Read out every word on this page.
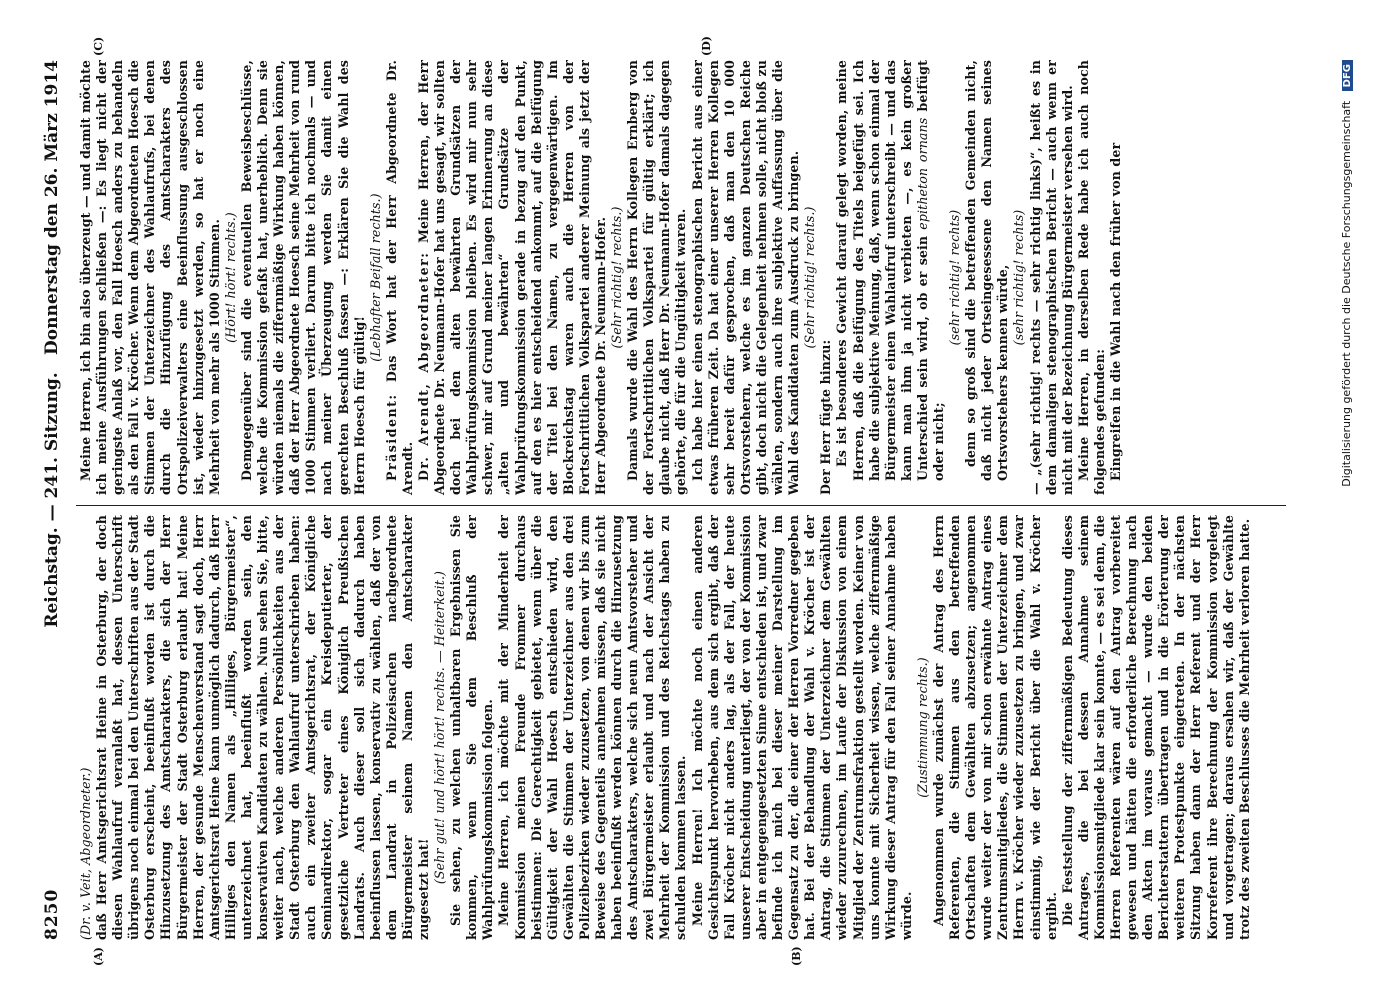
8250
Reichstag. — 241. Sitzung.
Donnerstag den 26. März 1914
(A)	(B)
(C)	(D)

(Dr. v. Veit, Abgeordneter.) daß Herr Amtsgerichtsrat Heine in Osterburg, der doch diesen Wahlaufruf veranlaßt hat, dessen Unterschrift übrigens noch einmal bei den Unterschriften aus der Stadt Osterburg erscheint, beeinflußt worden ist durch die Hinzusetzung des Amtscharakters, die sich der Herr Bürgermeister der Stadt Osterburg erlaubt hat! Meine Herren, der gesunde Menschenverstand sagt doch, Herr Amtsgerichtsrat Heine kann unmöglich dadurch, daß Herr Hilliges den Namen als „Hilliges, Bürgermeister“, unterzeichnet hat, beeinflußt worden sein, den konservativen Kandidaten zu wählen. Nun sehen Sie, bitte, weiter nach, welche anderen Persönlichkeiten aus der Stadt Osterburg den Wahlaufruf unterschrieben haben: auch ein zweiter Amtsgerichtsrat, der Königliche Seminardirektor, sogar ein Kreisdeputierter, der gesetzliche Vertreter eines Königlich Preußischen Landrats. Auch dieser soll sich dadurch haben beeinflussen lassen, konservativ zu wählen, daß der von dem Landrat in Polizeisachen nachgeordnete Bürgermeister seinem Namen den Amtscharakter zugesetzt hat!

(Sehr gut! und hört! hört! rechts. — Heiterkeit.) Sie sehen, zu welchen unhaltbaren Ergebnissen Sie kommen, wenn Sie dem Beschluß der Wahlprüfungskommission folgen. Meine Herren, ich möchte mit der Minderheit der Kommission meinen Freunde Frommer durchaus beistimmen: Die Gerechtigkeit gebietet, wenn über die Gültigkeit der Wahl Hoesch entschieden wird, den Gewählten die Stimmen der Unterzeichner aus den drei Polizeibezirken wieder zuzusetzen, von denen wir bis zum Beweise des Gegenteils annehmen müssen, daß sie nicht haben beeinflußt werden können durch die Hinzusetzung des Amtscharakters, welche sich neun Amtsvorsteher und zwei Bürgermeister erlaubt und nach der Ansicht der Mehrheit der Kommission und des Reichstags haben zu schulden kommen lassen. Meine Herren! Ich möchte noch einen anderen Gesichtspunkt hervorheben, aus dem sich ergibt, daß der Fall Kröcher nicht anders lag, als der Fall, der heute unserer Entscheidung unterliegt, der von der Kommission aber in entgegengesetzten Sinne entschieden ist, und zwar befinde ich mich bei dieser meiner Darstellung im Gegensatz zu der, die einer der Herren Vorredner gegeben hat. Bei der Behandlung der Wahl v. Kröcher ist der Antrag, die Stimmen der Unterzeichner dem Gewählten wieder zuzurechnen, im Laufe der Diskussion von einem Mitglied der Zentrumsfraktion gestellt worden. Keiner von uns konnte mit Sicherheit wissen, welche ziffernmäßige Wirkung dieser Antrag für den Fall seiner Annahme haben würde.

(Zustimmung rechts.) Angenommen wurde zunächst der Antrag des Herrn Referenten, die Stimmen aus den betreffenden Ortschaften dem Gewählten abzusetzen; angenommen wurde weiter der von mir schon erwähnte Antrag eines Zentrumsmitgliedes, die Stimmen der Unterzeichner dem Herrn v. Kröcher wieder zuzusetzen zu bringen, und zwar einstimmig, wie der Bericht über die Wahl v. Kröcher ergibt. Die Feststellung der ziffernmäßigen Bedeutung dieses Antrages, die bei dessen Annahme seinem Kommissionsmitgliede klar sein konnte, — es sei denn, die Herren Referenten wären auf den Antrag vorbereitet gewesen und hätten die erforderliche Berechnung nach den Akten im voraus gemacht — wurde den beiden Berichterstattern übertragen und in die Erörterung der weiteren Protestpunkte eingetreten. In der nächsten Sitzung haben dann der Herr Referent und der Herr Korreferent ihre Berechnung der Kommission vorgelegt und vorgetragen; daraus ersahen wir, daß der Gewählte trotz des zweiten Beschlusses die Mehrheit verloren hatte.

Meine Herren, ich bin also überzeugt — und damit möchte ich meine Ausführungen schließen —: Es liegt nicht der geringste Anlaß vor, den Fall Hoesch anders zu behandeln als den Fall v. Kröcher. Wenn dem Abgeordneten Hoesch die Stimmen der Unterzeichner des Wahlaufrufs, bei denen durch die Hinzufügung des Amtscharakters des Ortspolizeiverwalters eine Beeinflussung ausgeschlossen ist, wieder hinzugesetzt werden, so hat er noch eine Mehrheit von mehr als 1000 Stimmen. (Hört! hört! rechts.) Demgegenüber sind die eventuellen Beweisbeschlüsse, welche die Kommission gefaßt hat, unerheblich. Denn sie würden niemals die ziffernmäßige Wirkung haben können, daß der Herr Abgeordnete Hoesch seine Mehrheit von rund 1000 Stimmen verliert. Darum bitte ich nochmals — und nach meiner Überzeugung werden Sie damit einen gerechten Beschluß fassen —: Erklären Sie die Wahl des Herrn Hoesch für gültig!

(Lebhafter Beifall rechts.)

Präsident: Das Wort hat der Herr Abgeordnete Dr. Arendt. Dr. Arendt, Abgeordneter: Meine Herren, der Herr Abgeordnete Dr. Neumann-Hofer hat uns gesagt, wir sollten doch bei den alten bewährten Grundsätzen der Wahlprüfungskommission bleiben. Es wird mir nun sehr schwer, mir auf Grund meiner langen Erinnerung an diese „alten und bewährten“ Grundsätze der Wahlprüfungskommission gerade in bezug auf den Punkt, auf den es hier entscheidend ankommt, auf die Beifügung der Titel bei den Namen, zu vergegenwärtigen. Im Blockreichstag waren auch die Herren von der Fortschrittlichen Volkspartei anderer Meinung als jetzt der Herr Abgeordnete Dr. Neumann-Hofer. (Sehr richtig! rechts.) Damals wurde die Wahl des Herrn Kollegen Ernberg von der Fortschrittlichen Volkspartei für gültig erklärt; ich glaube nicht, daß Herr Dr. Neumann-Hofer damals dagegen gehörte, die für die Ungültigkeit waren. Ich habe hier einen stenographischen Bericht aus einer etwas früheren Zeit. Da hat einer unserer Herren Kollegen sehr bereit dafür gesprochen, daß man den 10 000 Ortsvorstehern, welche es im ganzen Deutschen Reiche gibt, doch nicht die Gelegenheit nehmen solle, nicht bloß zu wählen, sondern auch ihre subjektive Auffassung über die Wahl des Kandidaten zum Ausdruck zu bringen. (Sehr richtig! rechts.)

Der Herr fügte hinzu: Es ist besonderes Gewicht darauf gelegt worden, meine Herren, daß die Beifügung des Titels beigefügt sei. Ich habe die subjektive Meinung, daß, wenn schon einmal der Bürgermeister einen Wahlaufruf unterschreibt — und das kann man ihm ja nicht verbieten —, es kein großer Unterschied sein wird, ob er sein epitheton ornans beifügt oder nicht;

(sehr richtig! rechts) denn so groß sind die betreffenden Gemeinden nicht, daß nicht jeder Ortseingesessene den Namen seines Ortsvorstehers kennen würde, (sehr richtig! rechts) — „(sehr richtig! rechts — sehr richtig links)“, heißt es in dem damaligen stenographischen Bericht — auch wenn er nicht mit der Bezeichnung Bürgermeister versehen wird. Meine Herren, in derselben Rede habe ich auch noch folgendes gefunden: Eingreifen in die Wahl nach den früher von der	Digitalisierung gefördert durch die Deutsche Forschungsgemeinschaft DFG
